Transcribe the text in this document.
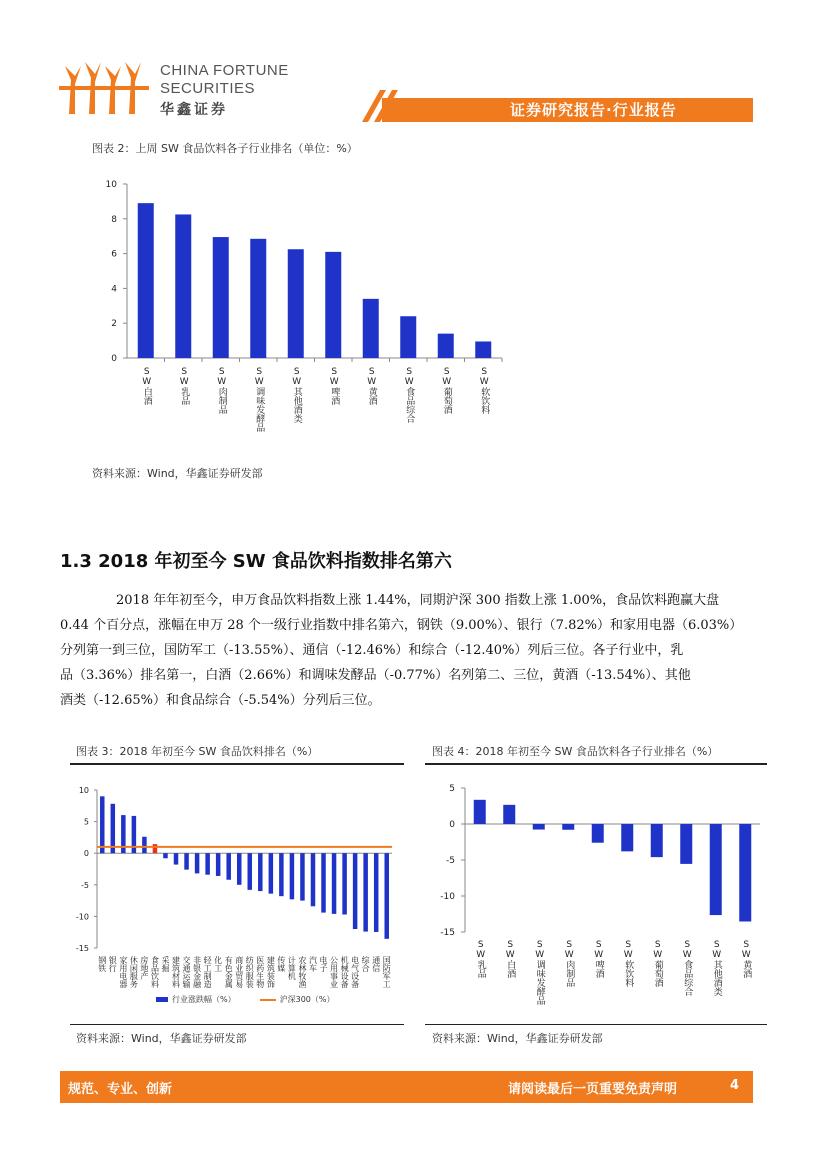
CHINA FORTUNE
SECURITIES
华鑫证券	证券研究报告·行业报告
图表 2：上周 SW 食品饮料各子行业排名（单位：%）
0
2
4
6
8
10
SW白酒	SW乳品	SW肉制品	SW调味发酵品	SW其他酒类	SW啤酒	SW黄酒	SW食品综合	SW葡萄酒	SW软饮料
资料来源：Wind，华鑫证券研发部
1.3 2018 年初至今 SW 食品饮料指数排名第六
2018 年年初至今，申万食品饮料指数上涨 1.44%，同期沪深 300 指数上涨 1.00%，食品饮料跑赢大盘
0.44 个百分点，涨幅在申万 28 个一级行业指数中排名第六，钢铁（9.00%）、银行（7.82%）和家用电器（6.03%）
分列第一到三位，国防军工（-13.55%）、通信（-12.46%）和综合（-12.40%）列后三位。各子行业中，乳
品（3.36%）排名第一，白酒（2.66%）和调味发酵品（-0.77%）名列第二、三位，黄酒（-13.54%）、其他
酒类（-12.65%）和食品综合（-5.54%）分列后三位。
图表 3：2018 年初至今 SW 食品饮料排名（%）
10
5
0
-5
-10
-15
钢铁 银行 家用电器 休闲服务 房地产 食品饮料 采掘 建筑材料 交通运输 非银金融 轻工制造 化工 有色金属 商业贸易 纺织服装 医药生物 建筑装饰 传媒 计算机 农林牧渔 汽车 电子 公用事业 机械设备 电气设备 综合 通信 国防军工
行业涨跌幅（%）	沪深300（%）
资料来源：Wind，华鑫证券研发部
图表 4：2018 年初至今 SW 食品饮料各子行业排名（%）
5
0
-5
-10
-15
SW乳品 SW白酒 SW调味发酵品 SW肉制品 SW啤酒 SW软饮料 SW葡萄酒 SW食品综合 SW其他酒类 SW黄酒
资料来源：Wind，华鑫证券研发部
规范、专业、创新	请阅读最后一页重要免责声明	4
